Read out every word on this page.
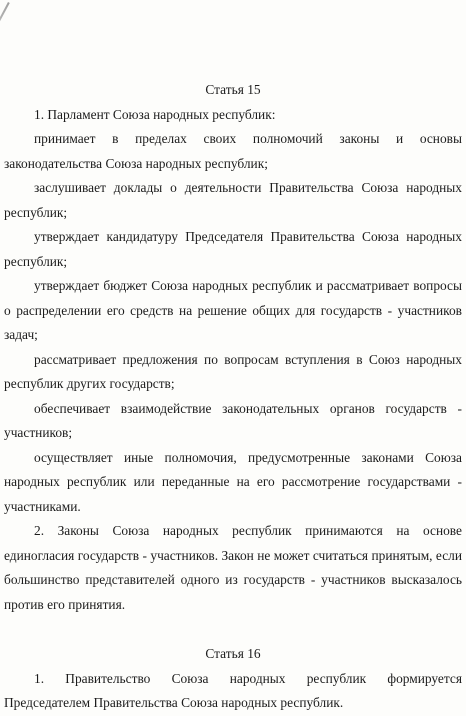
Статья 15

1. Парламент Союза народных республик:

принимает в пределах своих полномочий законы и основы законодательства Союза народных республик;

заслушивает доклады о деятельности Правительства Союза народных республик;

утверждает кандидатуру Председателя Правительства Союза народных республик;

утверждает бюджет Союза народных республик и рассматривает вопросы о распределении его средств на решение общих для государств - участников задач;

рассматривает предложения по вопросам вступления в Союз народных республик других государств;

обеспечивает взаимодействие законодательных органов государств - участников;

осуществляет иные полномочия, предусмотренные законами Союза народных республик или переданные на его рассмотрение государствами - участниками.

2. Законы Союза народных республик принимаются на основе единогласия государств - участников. Закон не может считаться принятым, если большинство представителей одного из государств - участников высказалось против его принятия.

Статья 16

1. Правительство Союза народных республик формируется Председателем Правительства Союза народных республик.
